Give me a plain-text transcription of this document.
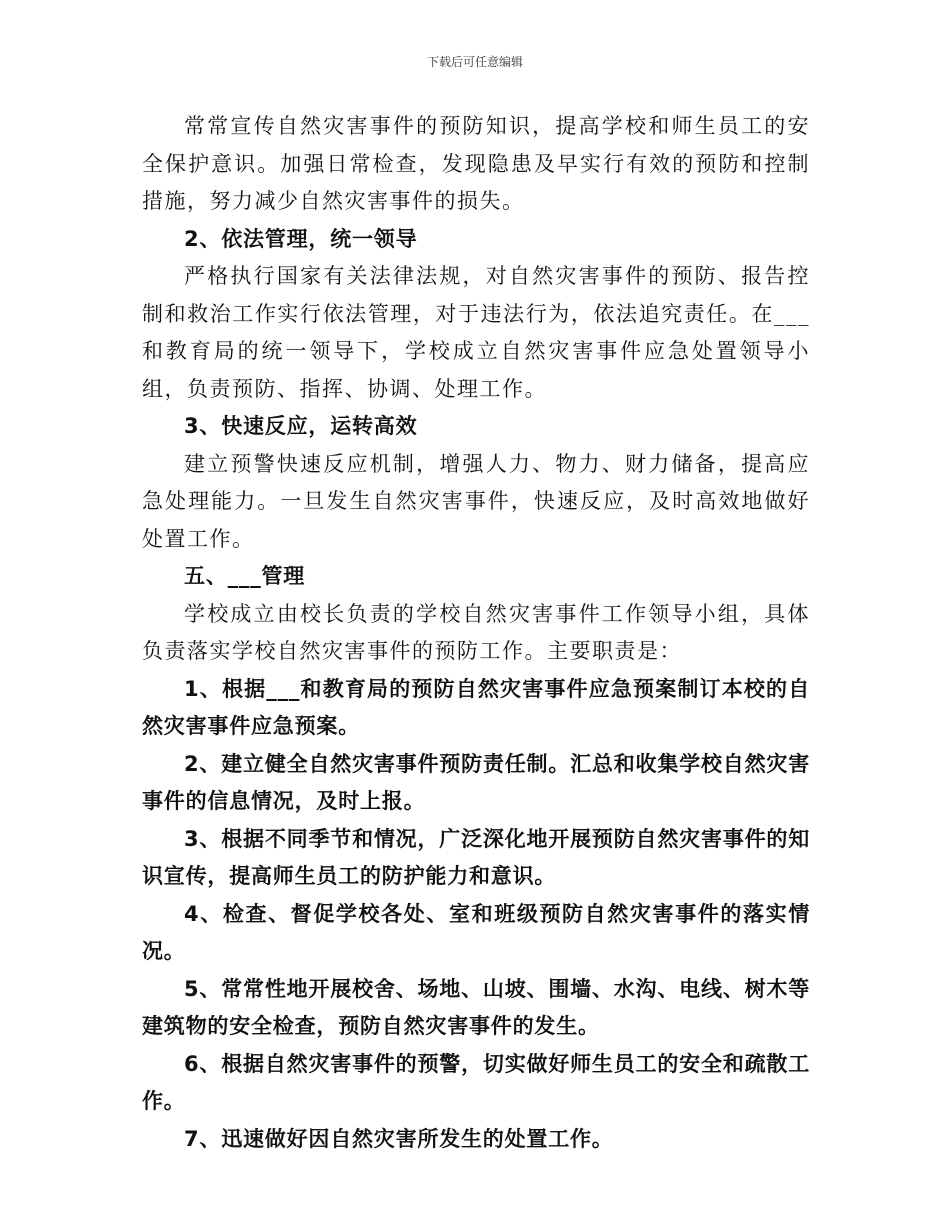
下载后可任意编辑

常常宣传自然灾害事件的预防知识，提高学校和师生员工的安全保护意识。加强日常检查，发现隐患及早实行有效的预防和控制措施，努力减少自然灾害事件的损失。

2、依法管理，统一领导

严格执行国家有关法律法规，对自然灾害事件的预防、报告控制和救治工作实行依法管理，对于违法行为，依法追究责任。在___和教育局的统一领导下，学校成立自然灾害事件应急处置领导小组，负责预防、指挥、协调、处理工作。

3、快速反应，运转高效

建立预警快速反应机制，增强人力、物力、财力储备，提高应急处理能力。一旦发生自然灾害事件，快速反应，及时高效地做好处置工作。

五、___管理

学校成立由校长负责的学校自然灾害事件工作领导小组，具体负责落实学校自然灾害事件的预防工作。主要职责是：

1、根据___和教育局的预防自然灾害事件应急预案制订本校的自然灾害事件应急预案。

2、建立健全自然灾害事件预防责任制。汇总和收集学校自然灾害事件的信息情况，及时上报。

3、根据不同季节和情况，广泛深化地开展预防自然灾害事件的知识宣传，提高师生员工的防护能力和意识。

4、检查、督促学校各处、室和班级预防自然灾害事件的落实情况。

5、常常性地开展校舍、场地、山坡、围墙、水沟、电线、树木等建筑物的安全检查，预防自然灾害事件的发生。

6、根据自然灾害事件的预警，切实做好师生员工的安全和疏散工作。

7、迅速做好因自然灾害所发生的处置工作。
